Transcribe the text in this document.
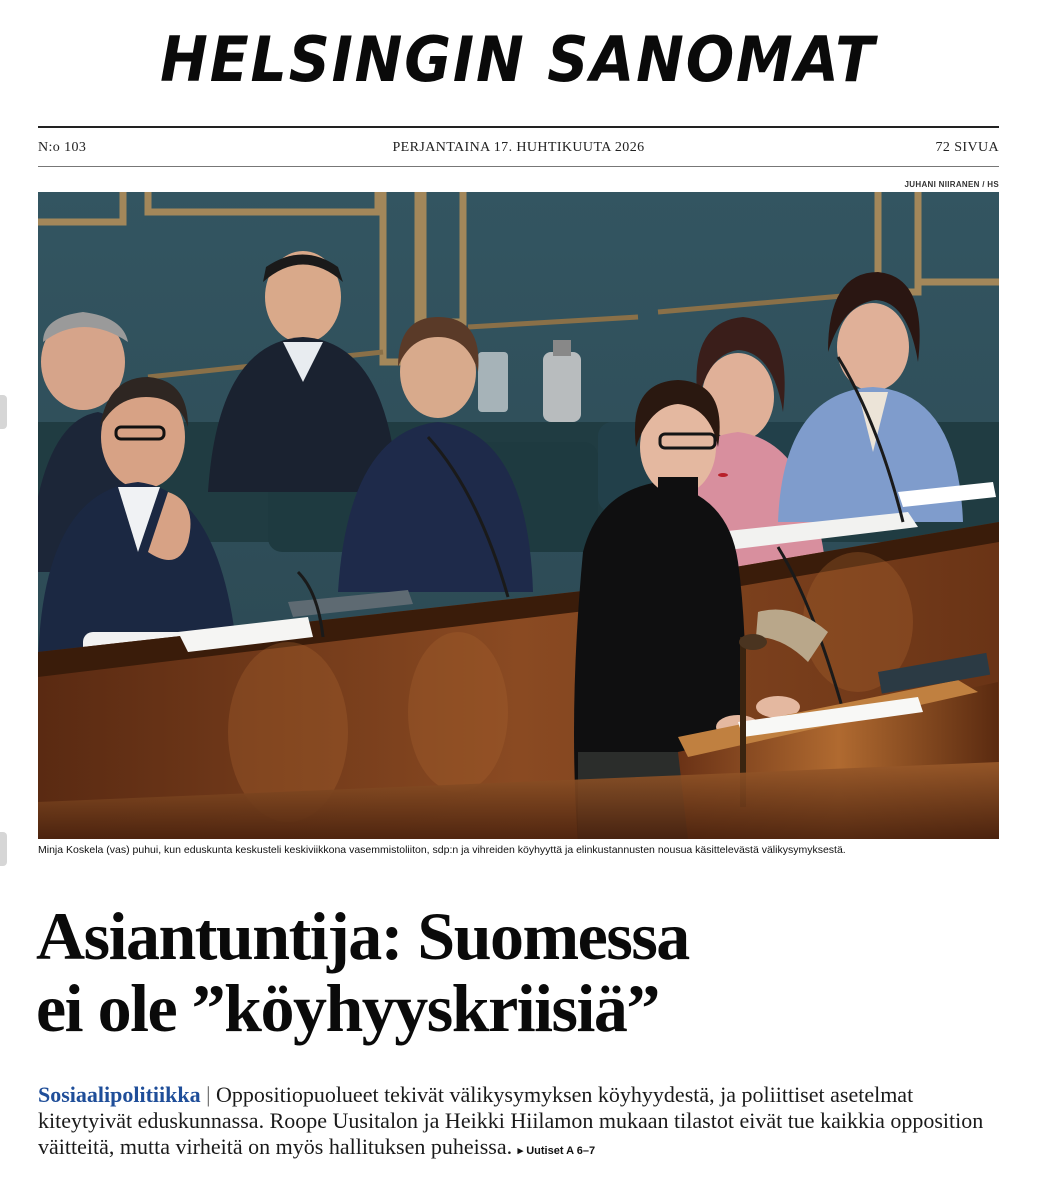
HELSINGIN SANOMAT
N:o 103	PERJANTAINA 17. HUHTIKUUTA 2026	72 SIVUA
JUHANI NIIRANEN / HS
Minja Koskela (vas) puhui, kun eduskunta keskusteli keskiviikkona vasemmistoliiton, sdp:n ja vihreiden köyhyyttä ja elinkustannusten nousua käsittelevästä välikysymyksestä.
Asiantuntija: Suomessa
ei ole ”köyhyyskriisiä”
Sosiaalipolitiikka | Oppositiopuolueet tekivät välikysymyksen köyhyydestä, ja poliittiset asetelmat kiteytyivät eduskunnassa. Roope Uusitalon ja Heikki Hiilamon mukaan tilastot eivät tue kaikkia opposition väitteitä, mutta virheitä on myös hallituksen puheissa. ▸ Uutiset A 6–7
